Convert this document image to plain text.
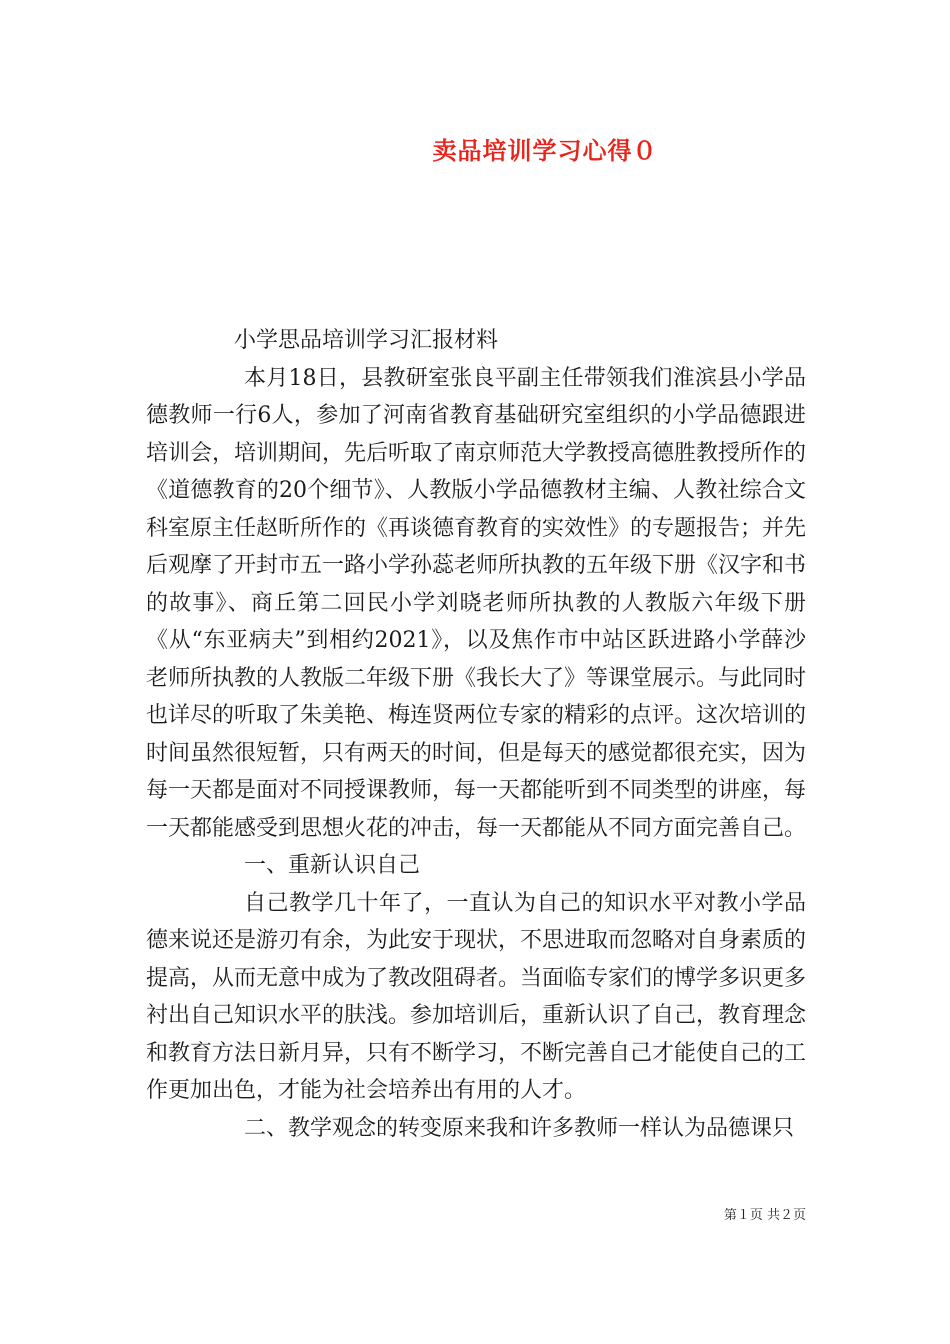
卖品培训学习心得０

小学思品培训学习汇报材料

本月18日，县教研室张良平副主任带领我们淮滨县小学品德教师一行6人，参加了河南省教育基础研究室组织的小学品德跟进培训会，培训期间，先后听取了南京师范大学教授高德胜教授所作的《道德教育的20个细节》、人教版小学品德教材主编、人教社综合文科室原主任赵昕所作的《再谈德育教育的实效性》的专题报告；并先后观摩了开封市五一路小学孙蕊老师所执教的五年级下册《汉字和书的故事》、商丘第二回民小学刘晓老师所执教的人教版六年级下册《从“东亚病夫”到相约2021》，以及焦作市中站区跃进路小学薛沙老师所执教的人教版二年级下册《我长大了》等课堂展示。与此同时也详尽的听取了朱美艳、梅连贤两位专家的精彩的点评。这次培训的时间虽然很短暂，只有两天的时间，但是每天的感觉都很充实，因为每一天都是面对不同授课教师，每一天都能听到不同类型的讲座，每一天都能感受到思想火花的冲击，每一天都能从不同方面完善自己。

一、重新认识自己

自己教学几十年了，一直认为自己的知识水平对教小学品德来说还是游刃有余，为此安于现状，不思进取而忽略对自身素质的提高，从而无意中成为了教改阻碍者。当面临专家们的博学多识更多衬出自己知识水平的肤浅。参加培训后，重新认识了自己，教育理念和教育方法日新月异，只有不断学习，不断完善自己才能使自己的工作更加出色，才能为社会培养出有用的人才。

二、教学观念的转变原来我和许多教师一样认为品德课只

第１页 共２页
